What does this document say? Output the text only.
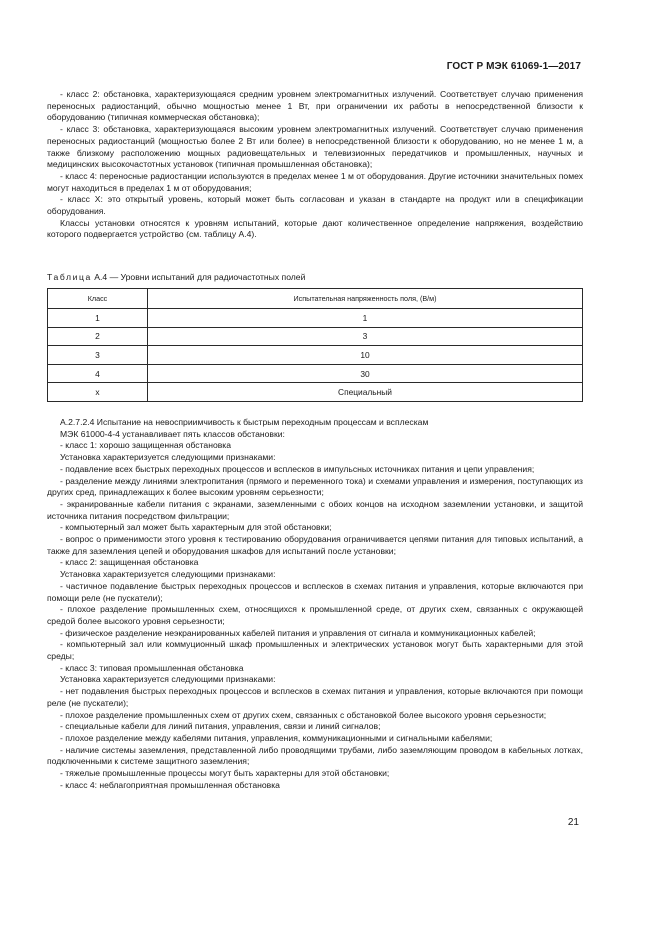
ГОСТ Р МЭК 61069-1—2017

- класс 2: обстановка, характеризующаяся средним уровнем электромагнитных излучений. Соответствует случаю применения переносных радиостанций, обычно мощностью менее 1 Вт, при ограничении их работы в непосредственной близости к оборудованию (типичная коммерческая обстановка);

- класс 3: обстановка, характеризующаяся высоким уровнем электромагнитных излучений. Соответствует случаю применения переносных радиостанций (мощностью более 2 Вт или более) в непосредственной близости к оборудованию, но не менее 1 м, а также близкому расположению мощных радиовещательных и телевизионных передатчиков и промышленных, научных и медицинских высокочастотных установок (типичная промышленная обстановка);

- класс 4: переносные радиостанции используются в пределах менее 1 м от оборудования. Другие источники значительных помех могут находиться в пределах 1 м от оборудования;

- класс X: это открытый уровень, который может быть согласован и указан в стандарте на продукт или в спецификации оборудования.

Классы установки относятся к уровням испытаний, которые дают количественное определение напряжения, воздействию которого подвергается устройство (см. таблицу А.4).

Таблица А.4 — Уровни испытаний для радиочастотных полей
Класс	Испытательная напряженность поля, (В/м)
1	1
2	3
3	10
4	30
x	Специальный

А.2.7.2.4 Испытание на невосприимчивость к быстрым переходным процессам и всплескам

МЭК 61000-4-4 устанавливает пять классов обстановки:

- класс 1: хорошо защищенная обстановка

Установка характеризуется следующими признаками:

- подавление всех быстрых переходных процессов и всплесков в импульсных источниках питания и цепи управления;

- разделение между линиями электропитания (прямого и переменного тока) и схемами управления и измерения, поступающих из других сред, принадлежащих к более высоким уровням серьезности;

- экранированные кабели питания с экранами, заземленными с обоих концов на исходном заземлении установки, и защитой источника питания посредством фильтрации;

- компьютерный зал может быть характерным для этой обстановки;

- вопрос о применимости этого уровня к тестированию оборудования ограничивается цепями питания для типовых испытаний, а также для заземления цепей и оборудования шкафов для испытаний после установки;

- класс 2: защищенная обстановка

Установка характеризуется следующими признаками:

- частичное подавление быстрых переходных процессов и всплесков в схемах питания и управления, которые включаются при помощи реле (не пускатели);

- плохое разделение промышленных схем, относящихся к промышленной среде, от других схем, связанных с окружающей средой более высокого уровня серьезности;

- физическое разделение неэкранированных кабелей питания и управления от сигнала и коммуникационных кабелей;

- компьютерный зал или коммуционный шкаф промышленных и электрических установок могут быть характерными для этой среды;

- класс 3: типовая промышленная обстановка

Установка характеризуется следующими признаками:

- нет подавления быстрых переходных процессов и всплесков в схемах питания и управления, которые включаются при помощи реле (не пускатели);

- плохое разделение промышленных схем от других схем, связанных с обстановкой более высокого уровня серьезности;

- специальные кабели для линий питания, управления, связи и линий сигналов;

- плохое разделение между кабелями питания, управления, коммуникационными и сигнальными кабелями;

- наличие системы заземления, представленной либо проводящими трубами, либо заземляющим проводом в кабельных лотках, подключенными к системе защитного заземления;

- тяжелые промышленные процессы могут быть характерны для этой обстановки;

- класс 4: неблагоприятная промышленная обстановка

21
